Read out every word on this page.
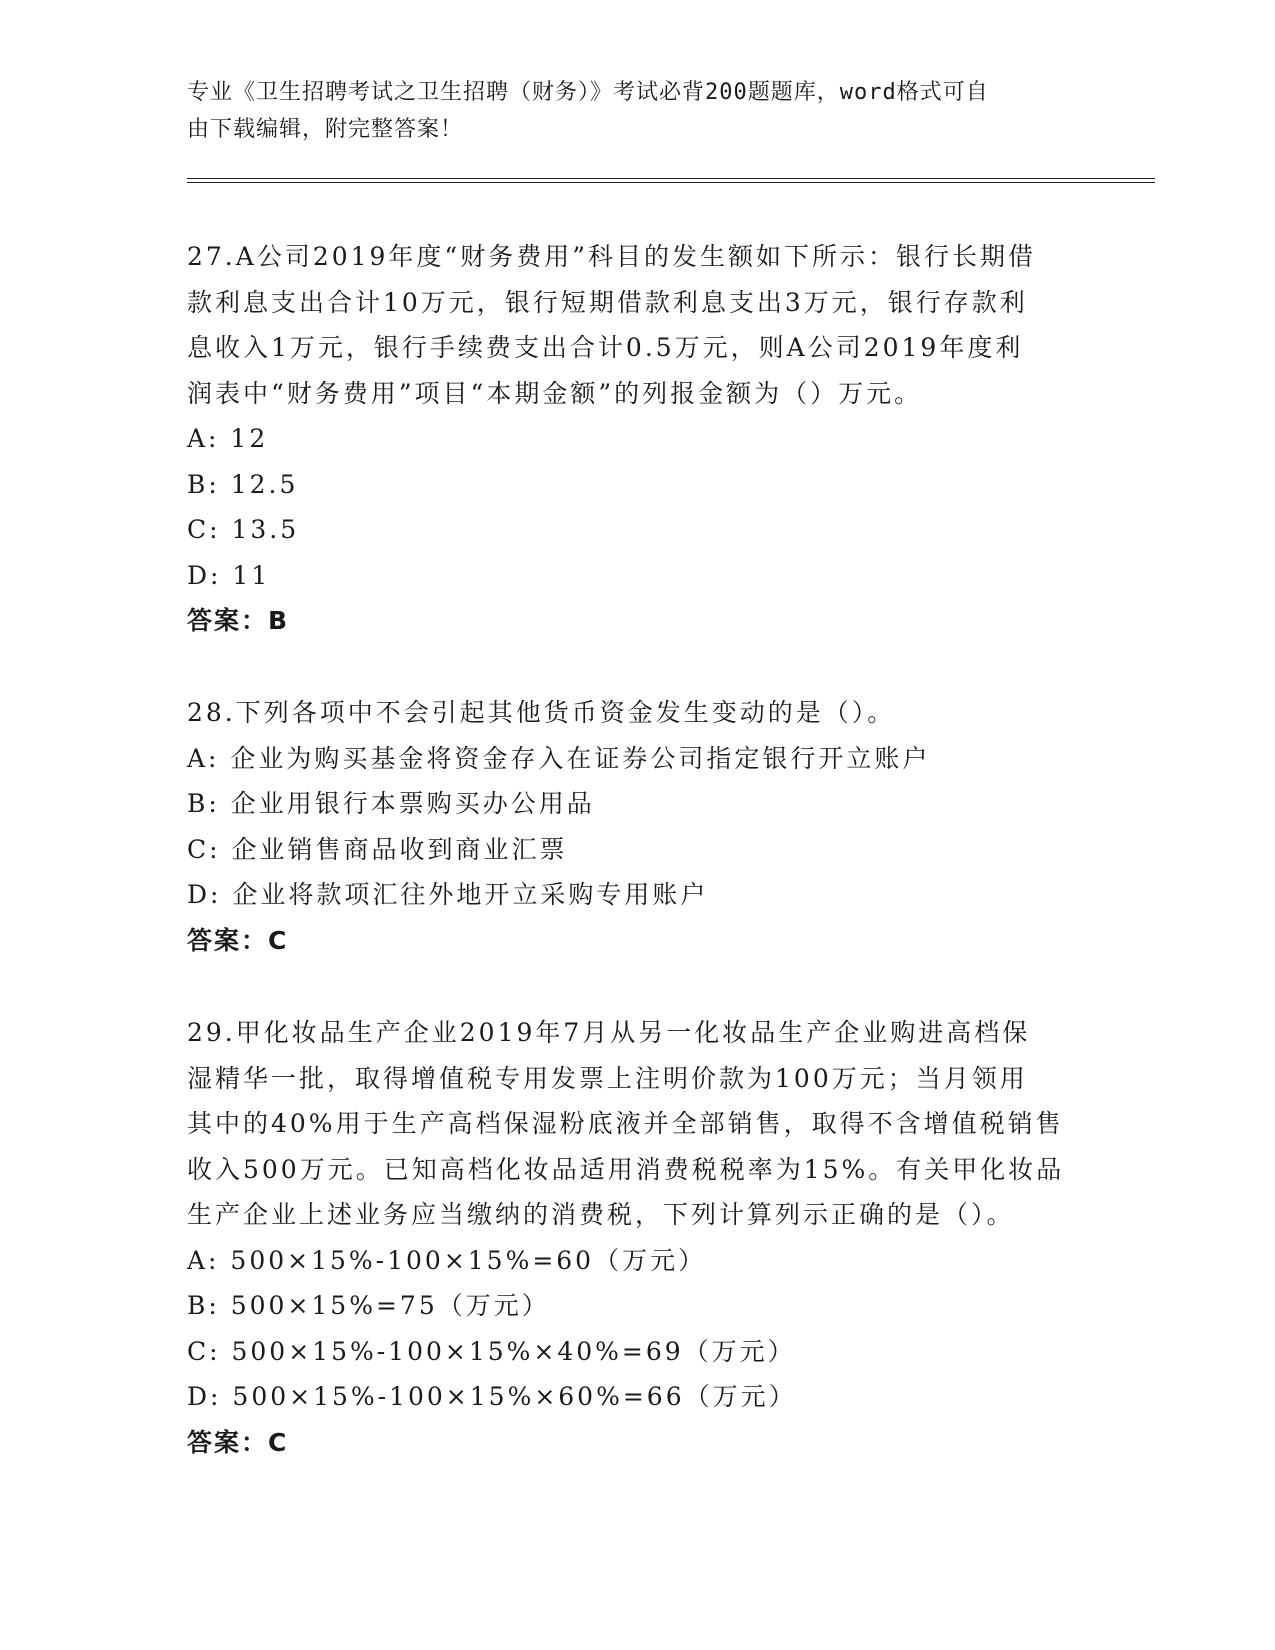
专业《卫生招聘考试之卫生招聘（财务）》考试必背200题题库，word格式可自
由下载编辑，附完整答案！
27.A公司2019年度“财务费用”科目的发生额如下所示：银行长期借
款利息支出合计10万元，银行短期借款利息支出3万元，银行存款利
息收入1万元，银行手续费支出合计0.5万元，则A公司2019年度利
润表中“财务费用”项目“本期金额”的列报金额为（）万元。
A: 12
B: 12.5
C: 13.5
D: 11
答案：B
28.下列各项中不会引起其他货币资金发生变动的是（）。
A: 企业为购买基金将资金存入在证券公司指定银行开立账户
B: 企业用银行本票购买办公用品
C: 企业销售商品收到商业汇票
D: 企业将款项汇往外地开立采购专用账户
答案：C
29.甲化妆品生产企业2019年7月从另一化妆品生产企业购进高档保
湿精华一批，取得增值税专用发票上注明价款为100万元；当月领用
其中的40%用于生产高档保湿粉底液并全部销售，取得不含增值税销售
收入500万元。已知高档化妆品适用消费税税率为15%。有关甲化妆品
生产企业上述业务应当缴纳的消费税，下列计算列示正确的是（）。
A: 500×15%-100×15%=60（万元）
B: 500×15%=75（万元）
C: 500×15%-100×15%×40%=69（万元）
D: 500×15%-100×15%×60%=66（万元）
答案：C
